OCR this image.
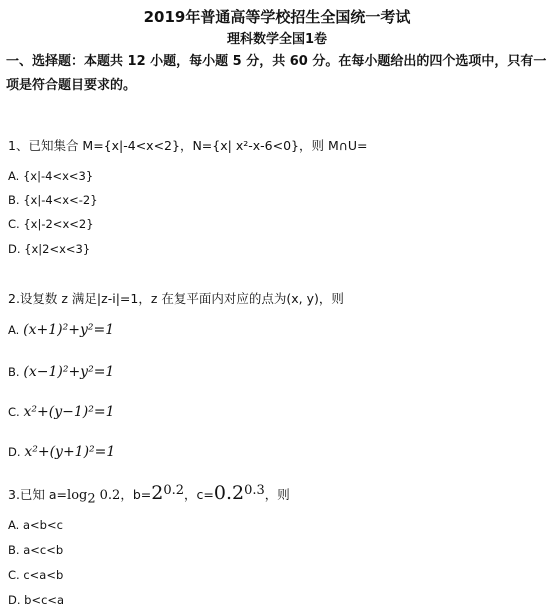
2019年普通高等学校招生全国统一考试
理科数学全国1卷
一、选择题：本题共 12 小题，每小题 5 分，共 60 分。在每小题给出的四个选项中，只有一
项是符合题目要求的。
1、已知集合 M={x|-4<x<2}，N={x| x²-x-6<0}，则 M∩U=
A. {x|-4<x<3}
B. {x|-4<x<-2}
C. {x|-2<x<2}
D. {x|2<x<3}
2.设复数 z 满足|z-i|=1，z 在复平面内对应的点为(x, y)，则
A. (x+1)²+y²=1
B. (x−1)²+y²=1
C. x²+(y−1)²=1
D. x²+(y+1)²=1
3.已知 $a=\log_2$ 0.2，$b=2^{0.2}$，$c=0.2^{0.3}$，则
A. a<b<c
B. a<c<b
C. c<a<b
D. b<c<a
